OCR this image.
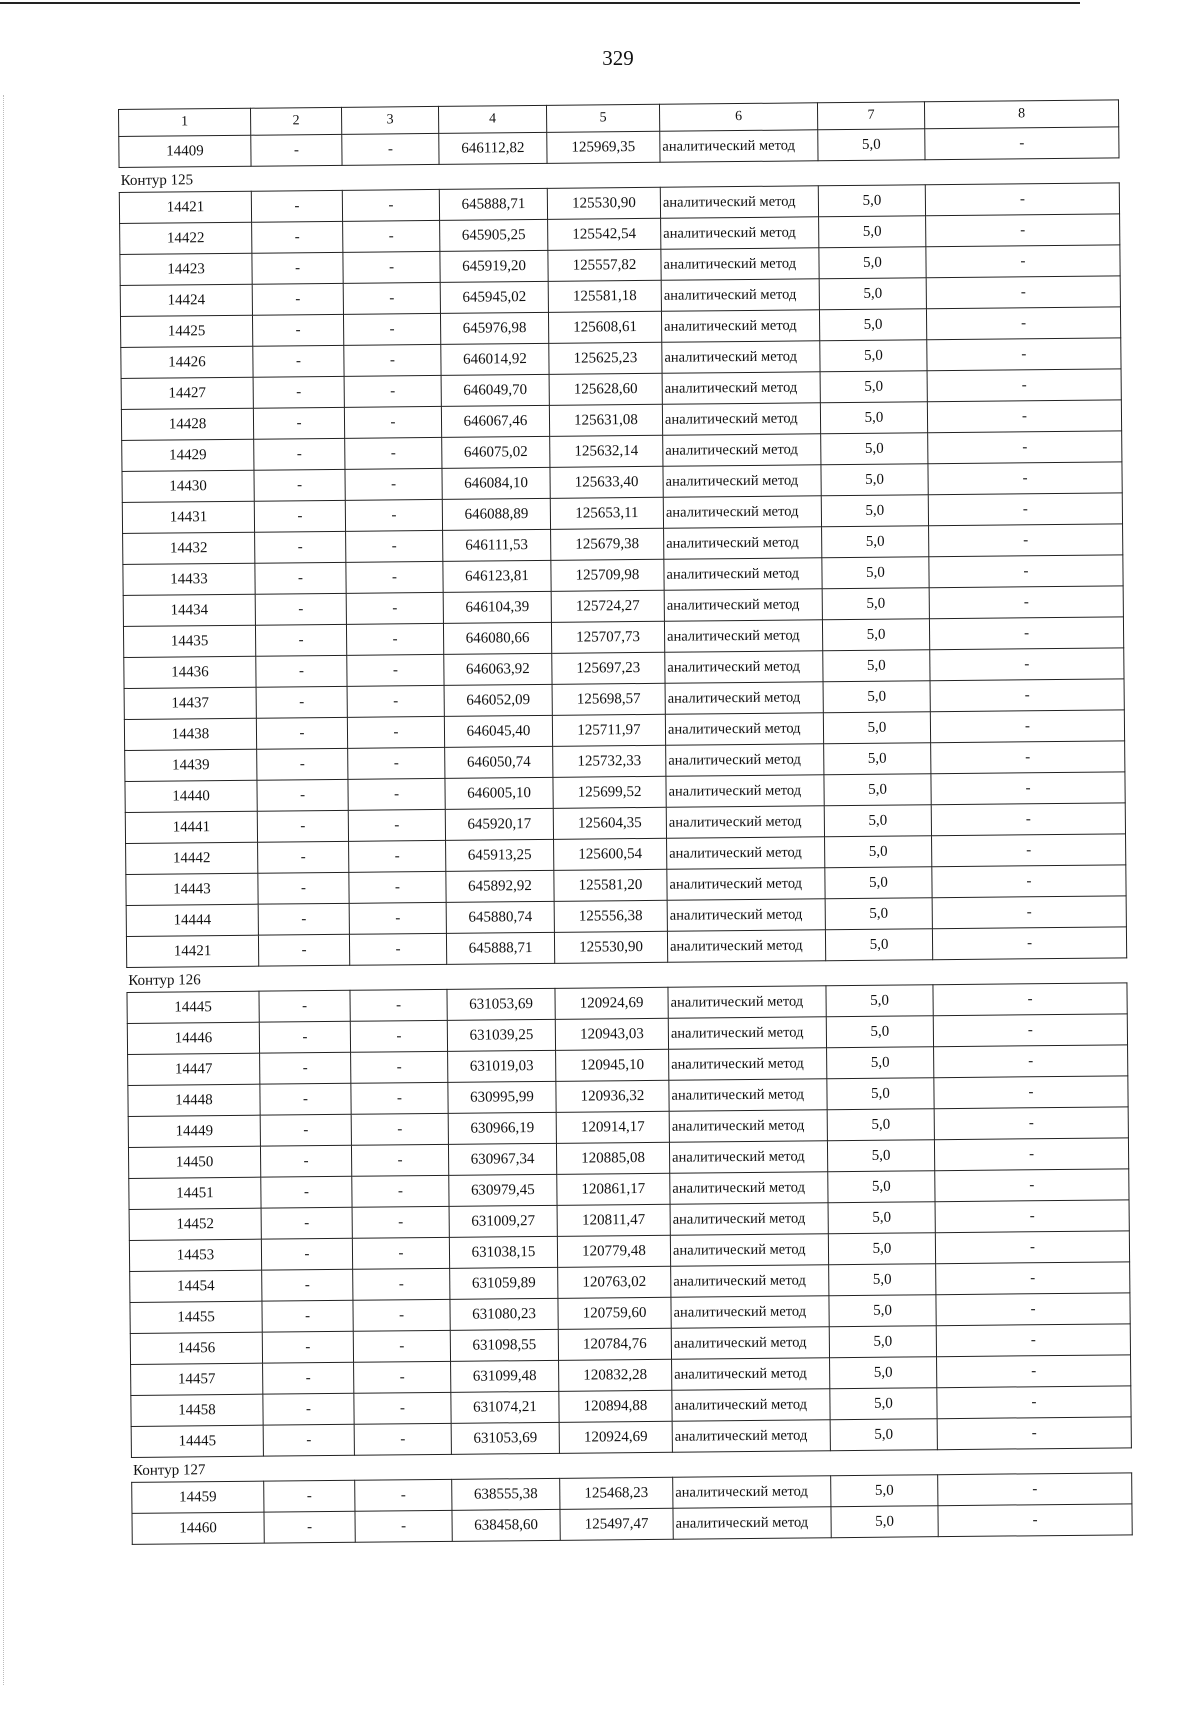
329
1	2	3	4	5	6	7	8
14409	-	-	646112,82	125969,35	аналитический метод	5,0	-
Контур 125
14421	-	-	645888,71	125530,90	аналитический метод	5,0	-
14422	-	-	645905,25	125542,54	аналитический метод	5,0	-
14423	-	-	645919,20	125557,82	аналитический метод	5,0	-
14424	-	-	645945,02	125581,18	аналитический метод	5,0	-
14425	-	-	645976,98	125608,61	аналитический метод	5,0	-
14426	-	-	646014,92	125625,23	аналитический метод	5,0	-
14427	-	-	646049,70	125628,60	аналитический метод	5,0	-
14428	-	-	646067,46	125631,08	аналитический метод	5,0	-
14429	-	-	646075,02	125632,14	аналитический метод	5,0	-
14430	-	-	646084,10	125633,40	аналитический метод	5,0	-
14431	-	-	646088,89	125653,11	аналитический метод	5,0	-
14432	-	-	646111,53	125679,38	аналитический метод	5,0	-
14433	-	-	646123,81	125709,98	аналитический метод	5,0	-
14434	-	-	646104,39	125724,27	аналитический метод	5,0	-
14435	-	-	646080,66	125707,73	аналитический метод	5,0	-
14436	-	-	646063,92	125697,23	аналитический метод	5,0	-
14437	-	-	646052,09	125698,57	аналитический метод	5,0	-
14438	-	-	646045,40	125711,97	аналитический метод	5,0	-
14439	-	-	646050,74	125732,33	аналитический метод	5,0	-
14440	-	-	646005,10	125699,52	аналитический метод	5,0	-
14441	-	-	645920,17	125604,35	аналитический метод	5,0	-
14442	-	-	645913,25	125600,54	аналитический метод	5,0	-
14443	-	-	645892,92	125581,20	аналитический метод	5,0	-
14444	-	-	645880,74	125556,38	аналитический метод	5,0	-
14421	-	-	645888,71	125530,90	аналитический метод	5,0	-
Контур 126
14445	-	-	631053,69	120924,69	аналитический метод	5,0	-
14446	-	-	631039,25	120943,03	аналитический метод	5,0	-
14447	-	-	631019,03	120945,10	аналитический метод	5,0	-
14448	-	-	630995,99	120936,32	аналитический метод	5,0	-
14449	-	-	630966,19	120914,17	аналитический метод	5,0	-
14450	-	-	630967,34	120885,08	аналитический метод	5,0	-
14451	-	-	630979,45	120861,17	аналитический метод	5,0	-
14452	-	-	631009,27	120811,47	аналитический метод	5,0	-
14453	-	-	631038,15	120779,48	аналитический метод	5,0	-
14454	-	-	631059,89	120763,02	аналитический метод	5,0	-
14455	-	-	631080,23	120759,60	аналитический метод	5,0	-
14456	-	-	631098,55	120784,76	аналитический метод	5,0	-
14457	-	-	631099,48	120832,28	аналитический метод	5,0	-
14458	-	-	631074,21	120894,88	аналитический метод	5,0	-
14445	-	-	631053,69	120924,69	аналитический метод	5,0	-
Контур 127
14459	-	-	638555,38	125468,23	аналитический метод	5,0	-
14460	-	-	638458,60	125497,47	аналитический метод	5,0	-
